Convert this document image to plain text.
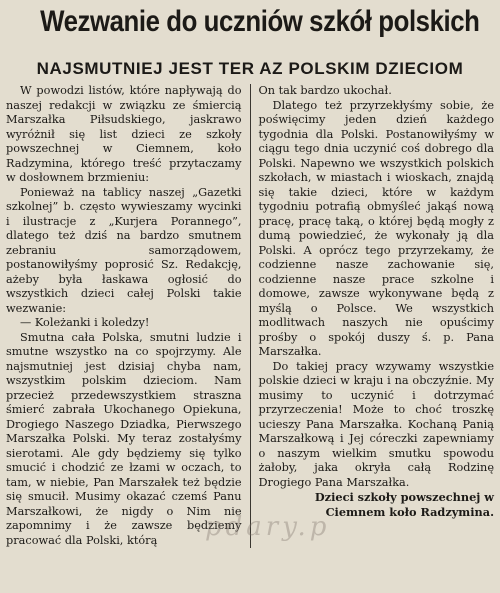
Wezwanie do uczniów szkół polskich
NAJSMUTNIEJ JEST TER AZ POLSKIM DZIECIOM

W powodzi listów, które napływają do naszej redakcji w związku ze śmiercią Marszałka Piłsudskiego, jaskrawo wyróżnił się list dzieci ze szkoły powszechnej w Ciemnem, koło Radzymina, którego treść przytaczamy w dosłownem brzmieniu:

Ponieważ na tablicy naszej „Gazetki szkolnej” b. często wywieszamy wycinki i ilustracje z „Kurjera Porannego”, dlatego też dziś na bardzo smutnem zebraniu samorządowem, postanowiłyśmy poprosić Sz. Redakcję, ażeby była łaskawa ogłosić do wszystkich dzieci całej Polski takie wezwanie:

— Koleżanki i koledzy!

Smutna cała Polska, smutni ludzie i smutne wszystko na co spojrzymy. Ale najsmutniej jest dzisiaj chyba nam, wszystkim polskim dzieciom. Nam przecież przedewszystkiem straszna śmierć zabrała Ukochanego Opiekuna, Drogiego Naszego Dziadka, Pierwszego Marszałka Polski. My teraz zostałyśmy sierotami. Ale gdy będziemy się tylko smucić i chodzić ze łzami w oczach, to tam, w niebie, Pan Marszałek też będzie się smucił. Musimy okazać czemś Panu Marszałkowi, że nigdy o Nim nie zapomnimy i że zawsze będziemy pracować dla Polski, którą

On tak bardzo ukochał.

Dlatego też przyrzekłyśmy sobie, że poświęcimy jeden dzień każdego tygodnia dla Polski. Postanowiłyśmy w ciągu tego dnia uczynić coś dobrego dla Polski. Napewno we wszystkich polskich szkołach, w miastach i wioskach, znajdą się takie dzieci, które w każdym tygodniu potrafią obmyśleć jakąś nową pracę, pracę taką, o której będą mogły z dumą powiedzieć, że wykonały ją dla Polski. A oprócz tego przyrzekamy, że codzienne nasze zachowanie się, codzienne nasze prace szkolne i domowe, zawsze wykonywane będą z myślą o Polsce. We wszystkich modlitwach naszych nie opuścimy prośby o spokój duszy ś. p. Pana Marszałka.

Do takiej pracy wzywamy wszystkie polskie dzieci w kraju i na obczyźnie. My musimy to uczynić i dotrzymać przyrzeczenia! Może to choć troszkę ucieszy Pana Marszałka. Kochaną Panią Marszałkową i Jej córeczki zapewniamy o naszym wielkim smutku spowodu żałoby, jaka okryła całą Rodzinę Drogiego Pana Marszałka.

Dzieci szkoły powszechnej w Ciemnem koło Radzymina.

pdary.p
